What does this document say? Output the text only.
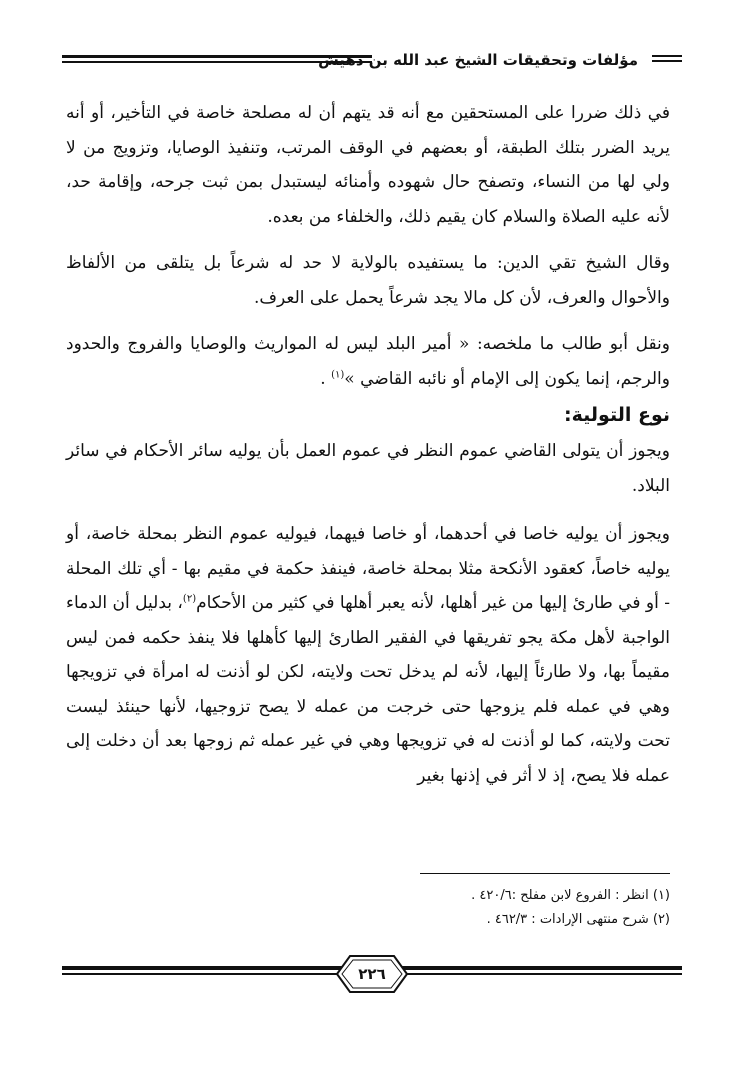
مؤلفات وتحقيقات الشيخ عبد الله بن دهيش

في ذلك ضررا على المستحقين مع أنه قد يتهم أن له مصلحة خاصة في التأخير، أو أنه يريد الضرر بتلك الطبقة، أو بعضهم في الوقف المرتب، وتنفيذ الوصايا، وتزويج من لا ولي لها من النساء، وتصفح حال شهوده وأمنائه ليستبدل بمن ثبت جرحه، وإقامة حد، لأنه عليه الصلاة والسلام كان يقيم ذلك، والخلفاء من بعده.

وقال الشيخ تقي الدين: ما يستفيده بالولاية لا حد له شرعاً بل يتلقى من الألفاظ والأحوال والعرف، لأن كل مالا يجد شرعاً يحمل على العرف.

ونقل أبو طالب ما ملخصه: « أمير البلد ليس له المواريث والوصايا والفروج والحدود والرجم، إنما يكون إلى الإمام أو نائبه القاضي »$^{(١)}$ .

نوع التولية:

ويجوز أن يتولى القاضي عموم النظر في عموم العمل بأن يوليه سائر الأحكام في سائر البلاد.

ويجوز أن يوليه خاصا في أحدهما، أو خاصا فيهما، فيوليه عموم النظر بمحلة خاصة، أو يوليه خاصاً، كعقود الأنكحة مثلا بمحلة خاصة، فينفذ حكمة في مقيم بها - أي تلك المحلة - أو في طارئ إليها من غير أهلها، لأنه يعبر أهلها في كثير من الأحكام$^{(٢)}$، بدليل أن الدماء الواجبة لأهل مكة يجو تفريقها في الفقير الطارئ إليها كأهلها فلا ينفذ حكمه فمن ليس مقيماً بها، ولا طارئاً إليها، لأنه لم يدخل تحت ولايته، لكن لو أذنت له امرأة في تزويجها وهي في عمله فلم يزوجها حتى خرجت من عمله لا يصح تزوجيها، لأنها حينئذ ليست تحت ولايته، كما لو أذنت له في تزويجها وهي في غير عمله ثم زوجها بعد أن دخلت إلى عمله فلا يصح، إذ لا أثر في إذنها بغير

(١) انظر : الفروع لابن مفلح :٤٢٠/٦ .
(٢) شرح منتهى الإرادات : ٤٦٢/٣ .
٢٢٦
